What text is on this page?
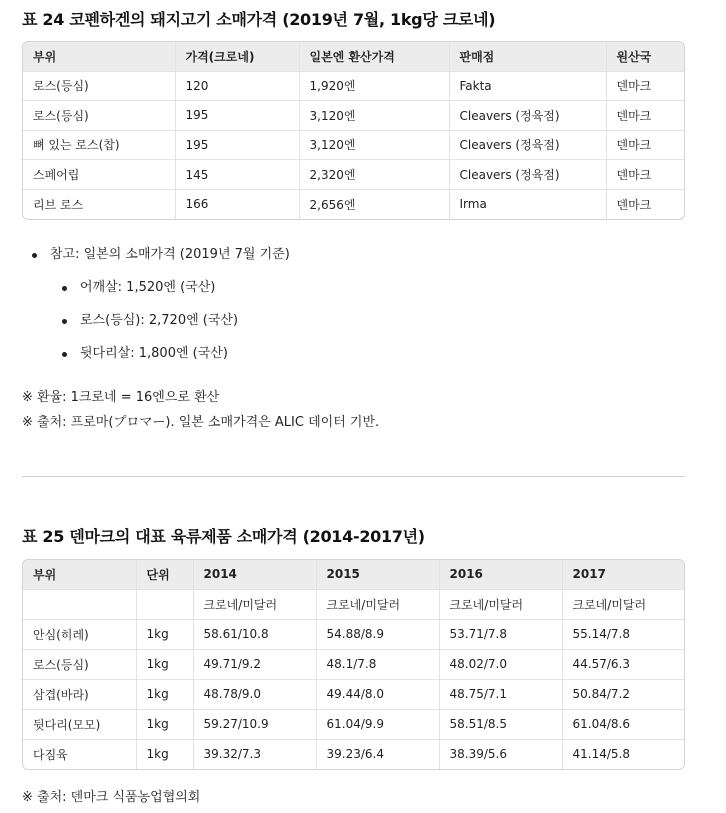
표 24 코펜하겐의 돼지고기 소매가격 (2019년 7월, 1kg당 크로네)
부위	가격(크로네)	일본엔 환산가격	판매점	원산국
로스(등심)	120	1,920엔	Fakta	덴마크
로스(등심)	195	3,120엔	Cleavers (정육점)	덴마크
뼈 있는 로스(찹)	195	3,120엔	Cleavers (정육점)	덴마크
스페어립	145	2,320엔	Cleavers (정육점)	덴마크
리브 로스	166	2,656엔	Irma	덴마크
참고: 일본의 소매가격 (2019년 7월 기준)
어깨살: 1,520엔 (국산)
로스(등심): 2,720엔 (국산)
뒷다리살: 1,800엔 (국산)
※ 환율: 1크로네 = 16엔으로 환산
※ 출처: 프로마(プロマー). 일본 소매가격은 ALIC 데이터 기반.
표 25 덴마크의 대표 육류제품 소매가격 (2014-2017년)
부위	단위	2014	2015	2016	2017
		크로네/미달러	크로네/미달러	크로네/미달러	크로네/미달러
안심(히레)	1kg	58.61/10.8	54.88/8.9	53.71/7.8	55.14/7.8
로스(등심)	1kg	49.71/9.2	48.1/7.8	48.02/7.0	44.57/6.3
삼겹(바라)	1kg	48.78/9.0	49.44/8.0	48.75/7.1	50.84/7.2
뒷다리(모모)	1kg	59.27/10.9	61.04/9.9	58.51/8.5	61.04/8.6
다짐육	1kg	39.32/7.3	39.23/6.4	38.39/5.6	41.14/5.8
※ 출처: 덴마크 식품농업협의회
